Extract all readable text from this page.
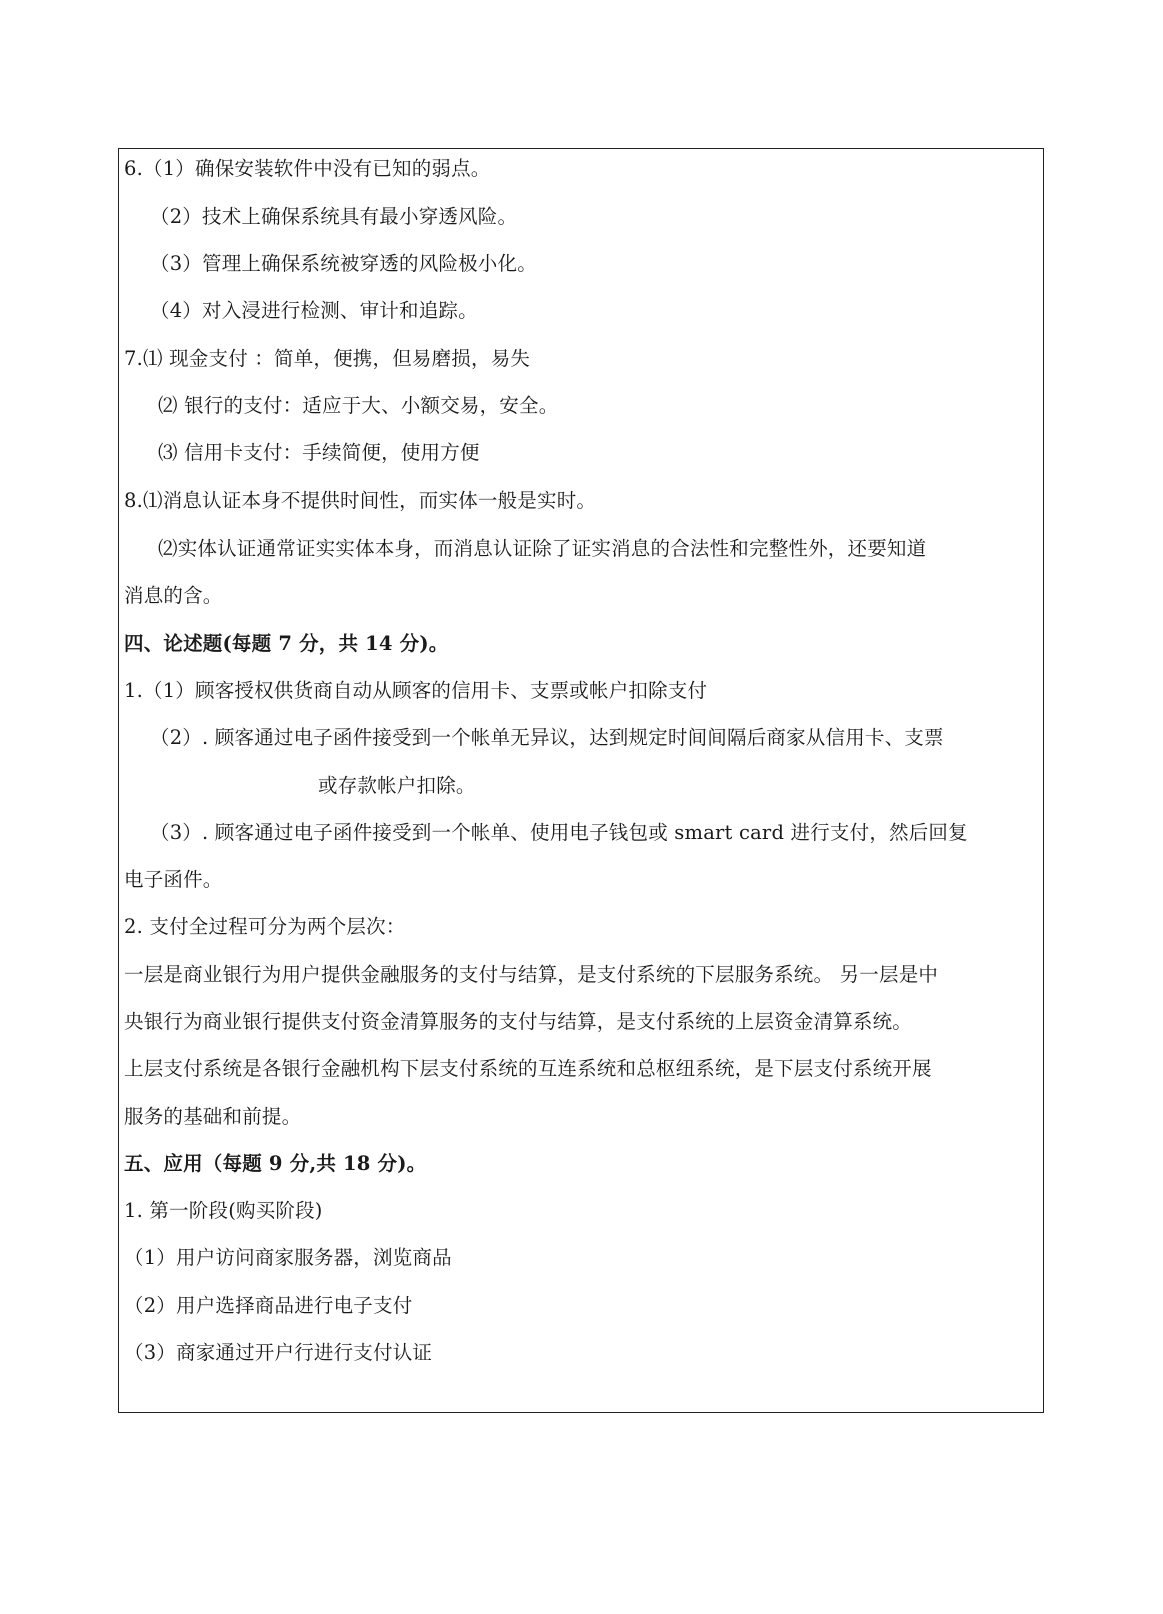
6.（1）确保安装软件中没有已知的弱点。
（2）技术上确保系统具有最小穿透风险。
（3）管理上确保系统被穿透的风险极小化。
（4）对入浸进行检测、审计和追踪。
7.⑴ 现金支付 ：简单，便携，但易磨损，易失
⑵ 银行的支付：适应于大、小额交易，安全。
⑶ 信用卡支付：手续简便，使用方便
8.⑴消息认证本身不提供时间性，而实体一般是实时。
⑵实体认证通常证实实体本身，而消息认证除了证实消息的合法性和完整性外，还要知道
消息的含。
四、论述题(每题 7 分，共 14 分)。
1.（1）顾客授权供货商自动从顾客的信用卡、支票或帐户扣除支付
（2）. 顾客通过电子函件接受到一个帐单无异议，达到规定时间间隔后商家从信用卡、支票
或存款帐户扣除。
（3）. 顾客通过电子函件接受到一个帐单、使用电子钱包或 smart card 进行支付，然后回复
电子函件。
2. 支付全过程可分为两个层次：
一层是商业银行为用户提供金融服务的支付与结算，是支付系统的下层服务系统。 另一层是中
央银行为商业银行提供支付资金清算服务的支付与结算，是支付系统的上层资金清算系统。
上层支付系统是各银行金融机构下层支付系统的互连系统和总枢纽系统，是下层支付系统开展
服务的基础和前提。
五、应用（每题 9 分,共 18 分)。
1. 第一阶段(购买阶段)
（1）用户访问商家服务器，浏览商品
（2）用户选择商品进行电子支付
（3）商家通过开户行进行支付认证
